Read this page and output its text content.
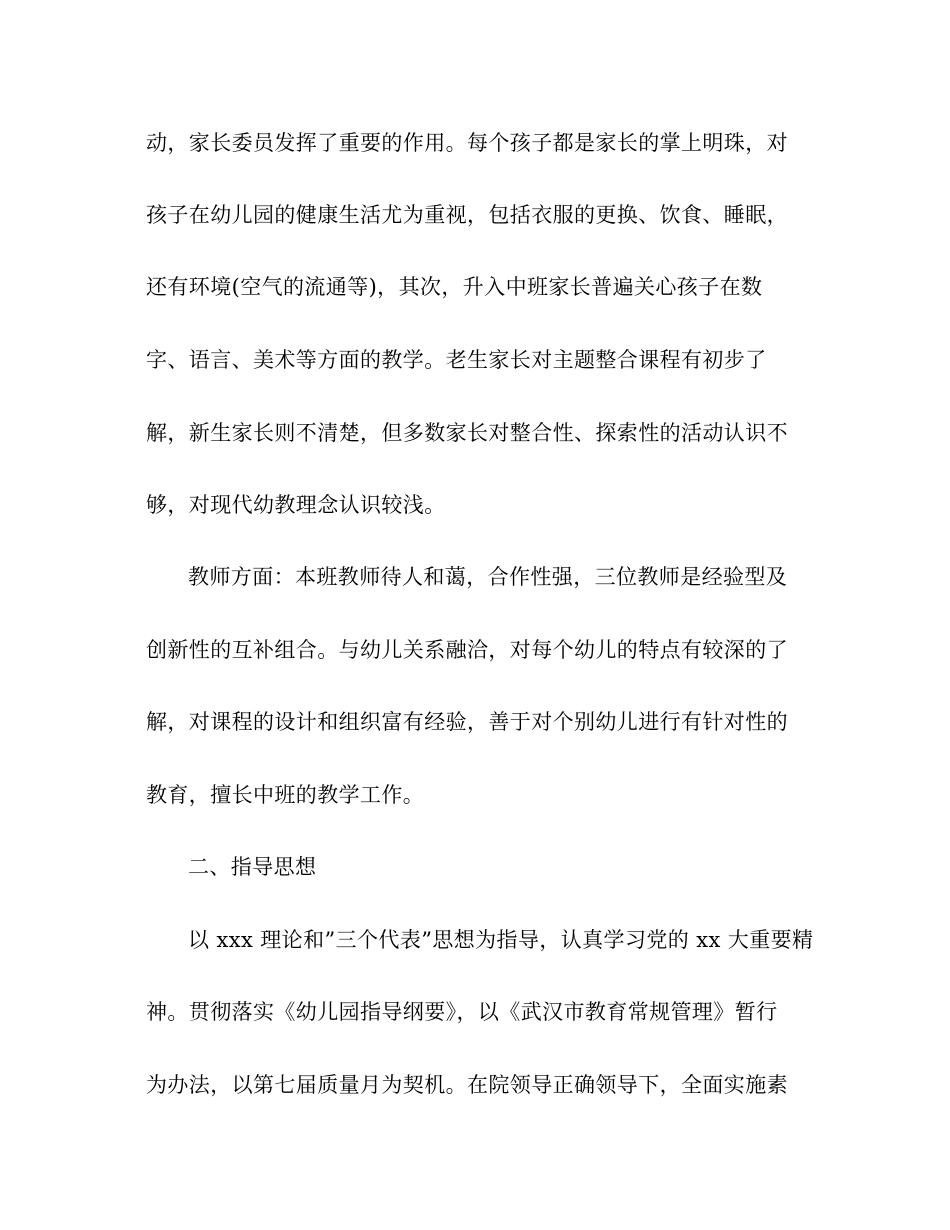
动，家长委员发挥了重要的作用。每个孩子都是家长的掌上明珠，对
孩子在幼儿园的健康生活尤为重视，包括衣服的更换、饮食、睡眠，
还有环境(空气的流通等)，其次，升入中班家长普遍关心孩子在数
字、语言、美术等方面的教学。老生家长对主题整合课程有初步了
解，新生家长则不清楚，但多数家长对整合性、探索性的活动认识不
够，对现代幼教理念认识较浅。
教师方面：本班教师待人和蔼，合作性强，三位教师是经验型及
创新性的互补组合。与幼儿关系融洽，对每个幼儿的特点有较深的了
解，对课程的设计和组织富有经验，善于对个别幼儿进行有针对性的
教育，擅长中班的教学工作。
二、指导思想
以 xxx 理论和”三个代表”思想为指导，认真学习党的 xx 大重要精
神。贯彻落实《幼儿园指导纲要》，以《武汉市教育常规管理》暂行
为办法，以第七届质量月为契机。在院领导正确领导下，全面实施素
